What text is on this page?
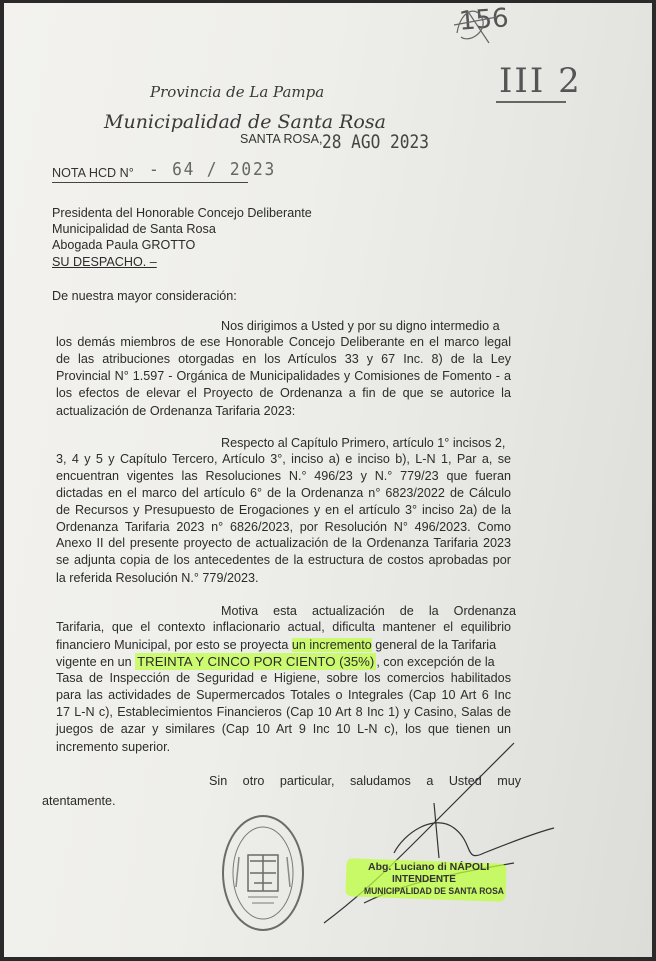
156
III 2
Provincia de La Pampa
Municipalidad de Santa Rosa
SANTA ROSA, 28 AGO 2023
NOTA HCD N° - 64 / 2023
Presidenta del Honorable Concejo Deliberante
Municipalidad de Santa Rosa
Abogada Paula GROTTO
SU DESPACHO. –
De nuestra mayor consideración:
Nos dirigimos a Usted y por su digno intermedio a
los demás miembros de ese Honorable Concejo Deliberante en el marco legal
de las atribuciones otorgadas en los Artículos 33 y 67 Inc. 8) de la Ley
Provincial N° 1.597 - Orgánica de Municipalidades y Comisiones de Fomento - a
los efectos de elevar el Proyecto de Ordenanza a fin de que se autorice la
actualización de Ordenanza Tarifaria 2023:
Respecto al Capítulo Primero, artículo 1° incisos 2,
3, 4 y 5 y Capítulo Tercero, Artículo 3°, inciso a) e inciso b), L-N 1, Par a, se
encuentran vigentes las Resoluciones N.° 496/23 y N.° 779/23 que fueran
dictadas en el marco del artículo 6° de la Ordenanza n° 6823/2022 de Cálculo
de Recursos y Presupuesto de Erogaciones y en el artículo 3° inciso 2a) de la
Ordenanza Tarifaria 2023 n° 6826/2023, por Resolución N° 496/2023. Como
Anexo II del presente proyecto de actualización de la Ordenanza Tarifaria 2023
se adjunta copia de los antecedentes de la estructura de costos aprobadas por
la referida Resolución N.° 779/2023.
Motiva esta actualización de la Ordenanza
Tarifaria, que el contexto inflacionario actual, dificulta mantener el equilibrio
financiero Municipal, por esto se proyecta un incremento general de la Tarifaria
vigente en un TREINTA Y CINCO POR CIENTO (35%) , con excepción de la
Tasa de Inspección de Seguridad e Higiene, sobre los comercios habilitados
para las actividades de Supermercados Totales o Integrales (Cap 10 Art 6 Inc
17 L-N c), Establecimientos Financieros (Cap 10 Art 8 Inc 1) y Casino, Salas de
juegos de azar y similares (Cap 10 Art 9 Inc 10 L-N c), los que tienen un
incremento superior.
Sin otro particular, saludamos a Usted muy
atentamente.
Abg. Luciano di NÁPOLI
INTENDENTE
MUNICIPALIDAD DE SANTA ROSA
